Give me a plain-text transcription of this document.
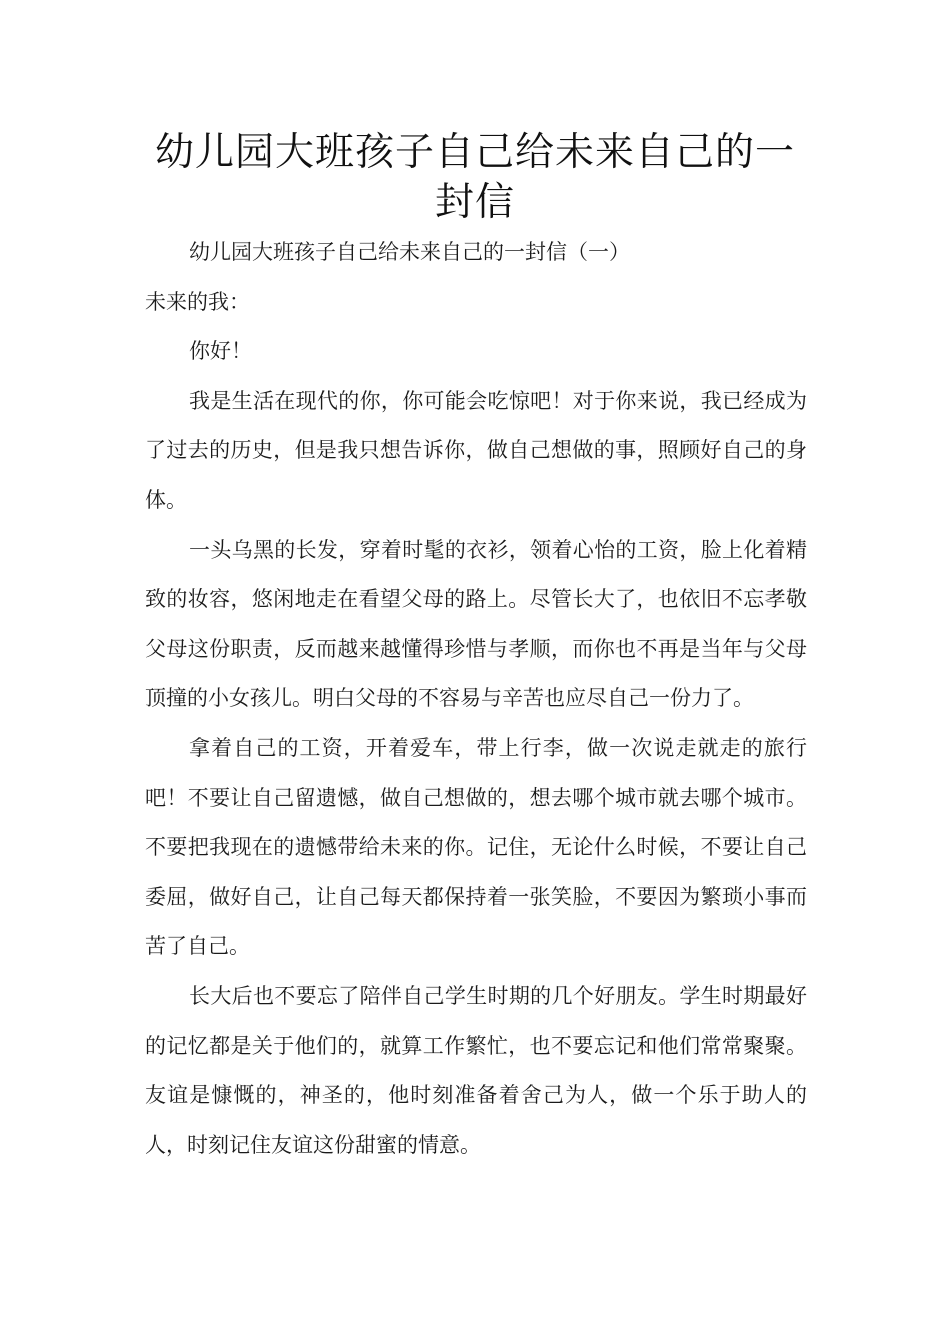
幼儿园大班孩子自己给未来自己的一封信

幼儿园大班孩子自己给未来自己的一封信（一）

未来的我：

你好！

我是生活在现代的你，你可能会吃惊吧！对于你来说，我已经成为了过去的历史，但是我只想告诉你，做自己想做的事，照顾好自己的身体。

一头乌黑的长发，穿着时髦的衣衫，领着心怡的工资，脸上化着精致的妆容，悠闲地走在看望父母的路上。尽管长大了，也依旧不忘孝敬父母这份职责，反而越来越懂得珍惜与孝顺，而你也不再是当年与父母顶撞的小女孩儿。明白父母的不容易与辛苦也应尽自己一份力了。

拿着自己的工资，开着爱车，带上行李，做一次说走就走的旅行吧！不要让自己留遗憾，做自己想做的，想去哪个城市就去哪个城市。不要把我现在的遗憾带给未来的你。记住，无论什么时候，不要让自己委屈，做好自己，让自己每天都保持着一张笑脸，不要因为繁琐小事而苦了自己。

长大后也不要忘了陪伴自己学生时期的几个好朋友。学生时期最好的记忆都是关于他们的，就算工作繁忙，也不要忘记和他们常常聚聚。友谊是慷慨的，神圣的，他时刻准备着舍己为人，做一个乐于助人的人，时刻记住友谊这份甜蜜的情意。
